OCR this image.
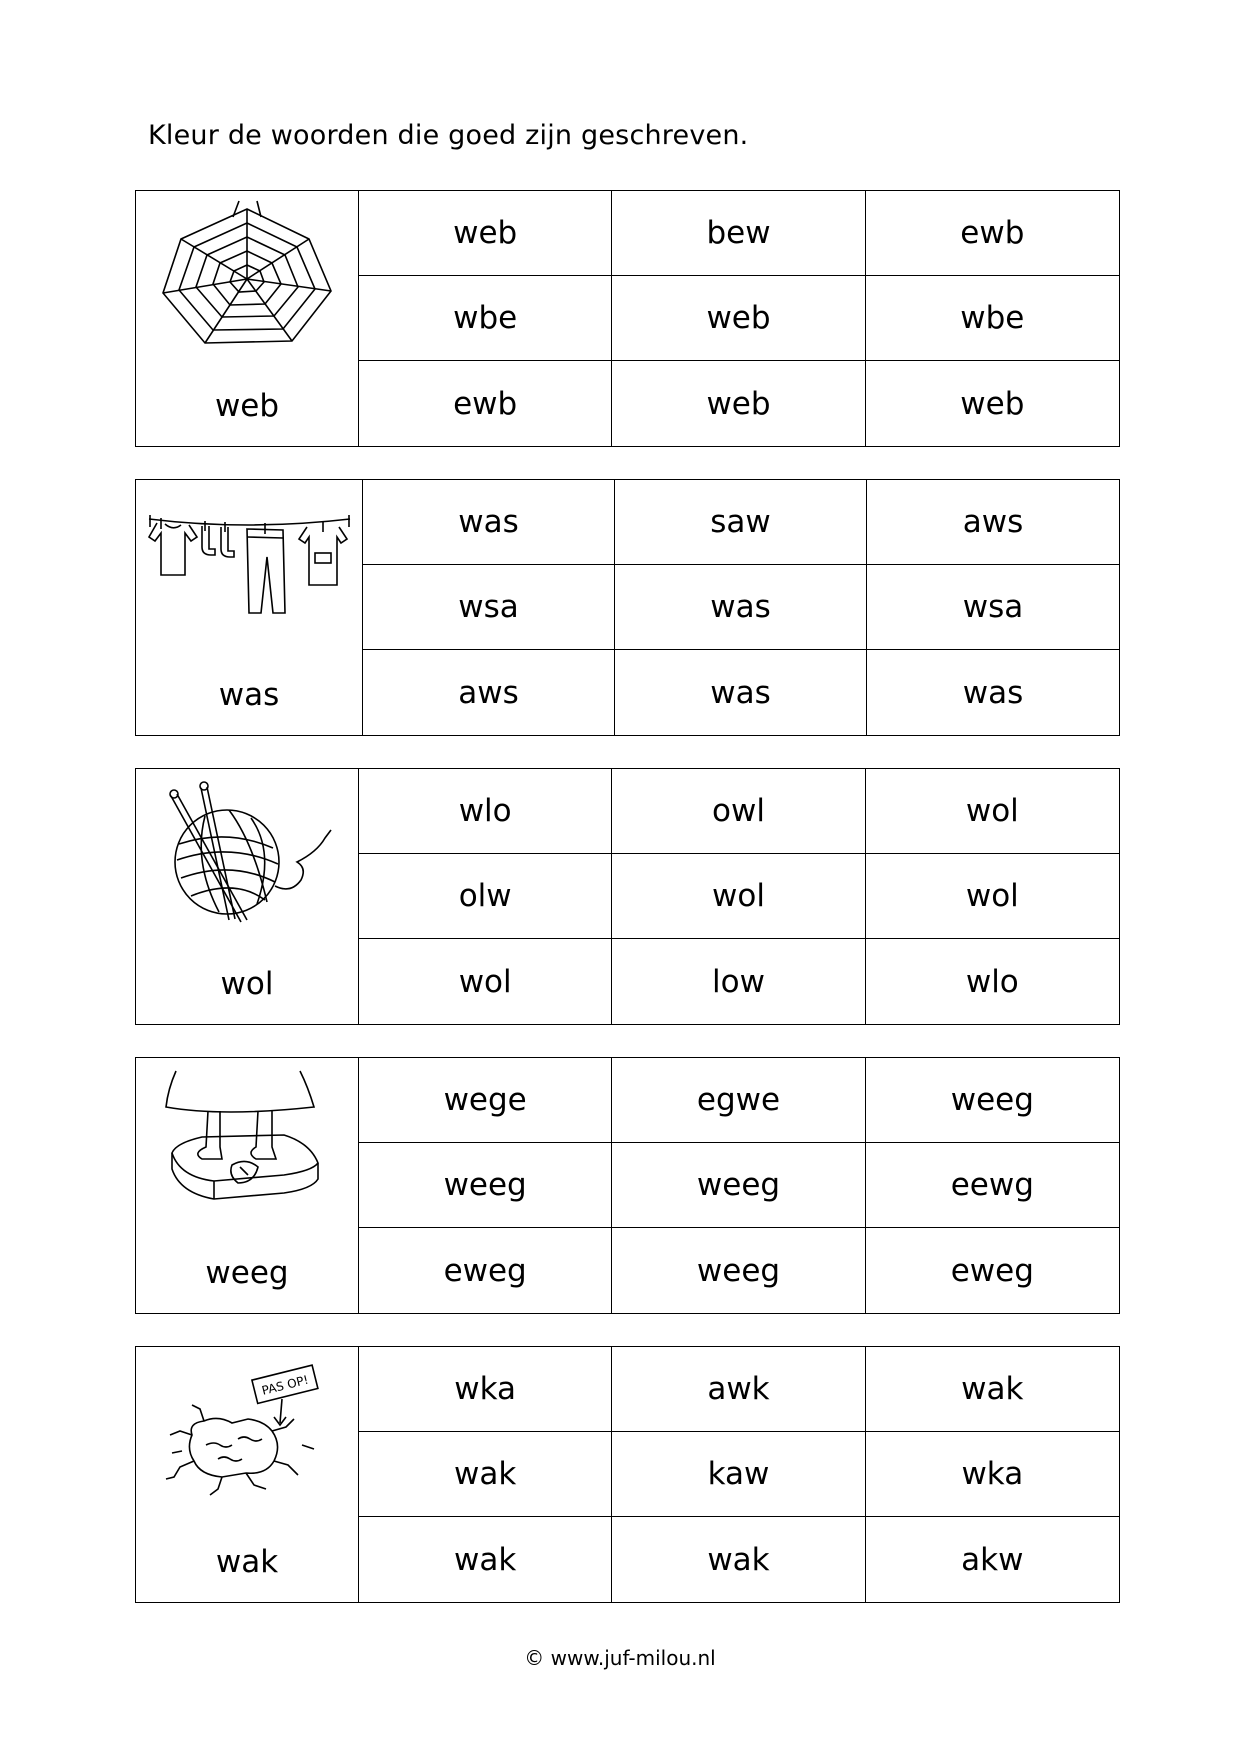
Kleur de woorden die goed zijn geschreven.
web
web	bew	ewb
wbe	web	wbe
ewb	web	web
was
was	saw	aws
wsa	was	wsa
aws	was	was
wol
wlo	owl	wol
olw	wol	wol
wol	low	wlo
weeg
wege	egwe	weeg
weeg	weeg	eewg
eweg	weeg	eweg
PAS OP!
wak
wka	awk	wak
wak	kaw	wka
wak	wak	akw
© www.juf-milou.nl
